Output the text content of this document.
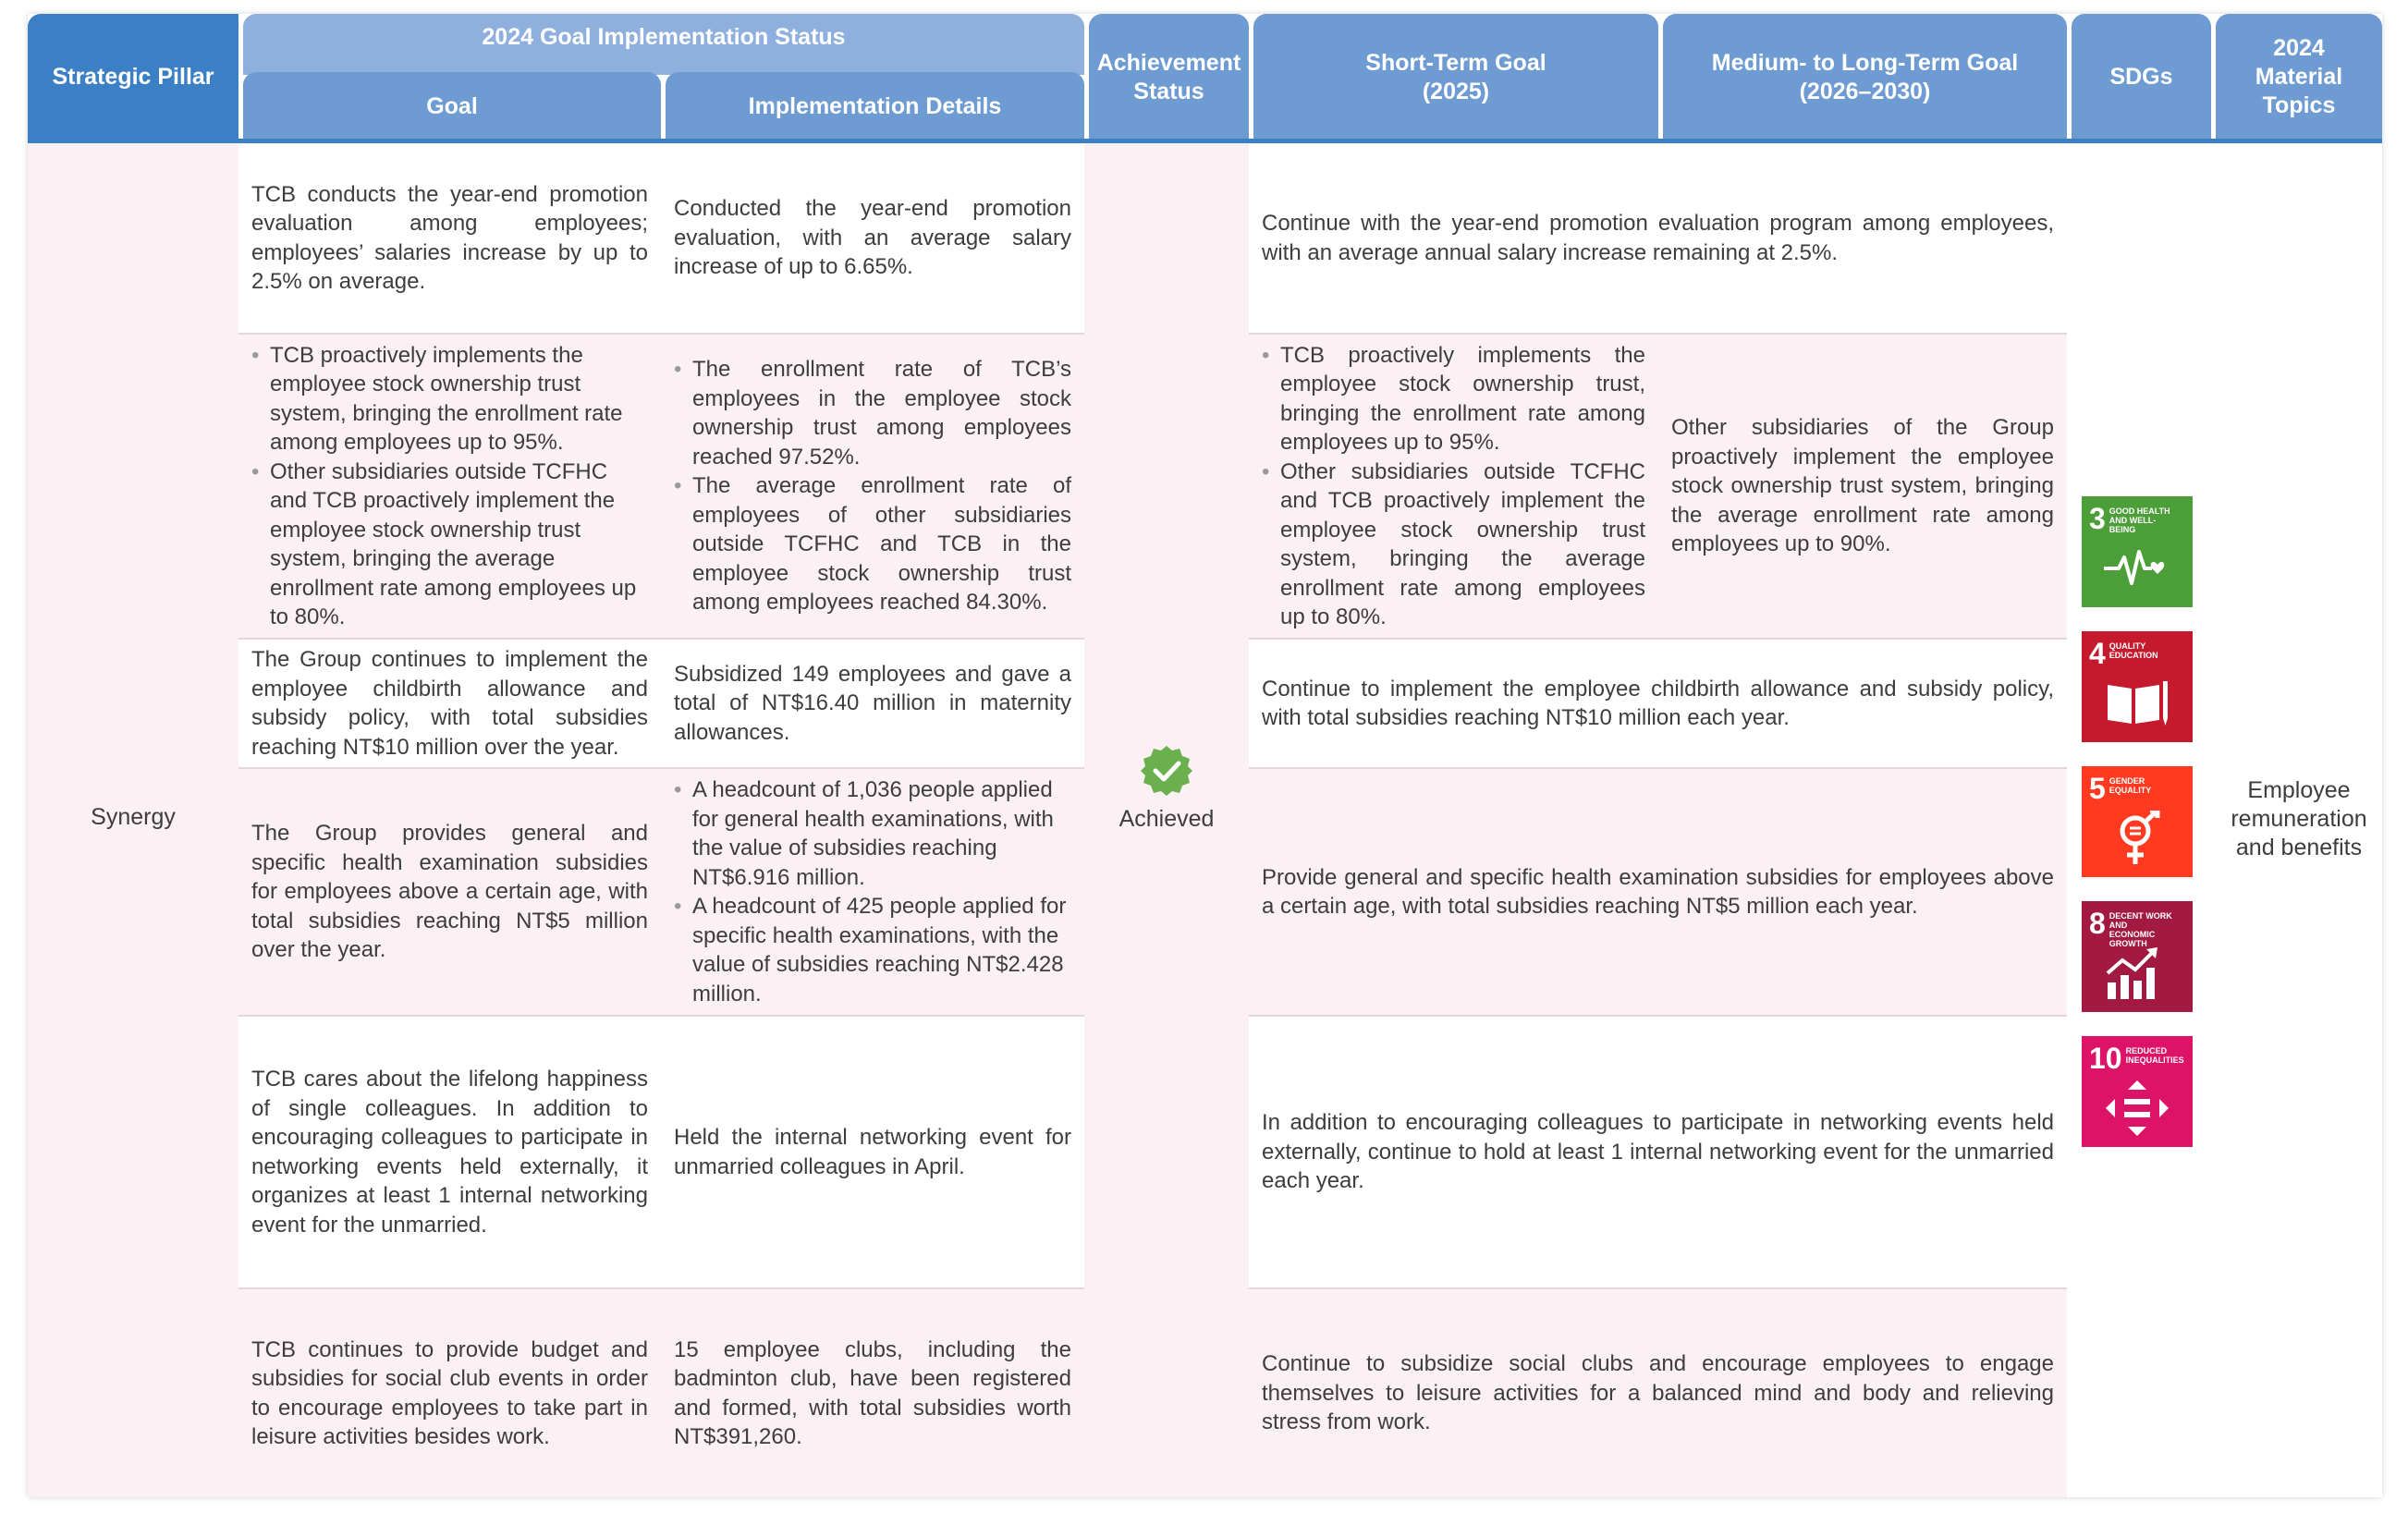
Strategic Pillar
2024 Goal Implementation Status
Goal	Implementation Details
Achievement Status
Short-Term Goal (2025)
Medium- to Long-Term Goal (2026–2030)
SDGs
2024 Material Topics
Synergy
TCB conducts the year-end promotion evaluation among employees; employees’ salaries increase by up to 2.5% on average.
Conducted the year-end promotion evaluation, with an average salary increase of up to 6.65%.
Continue with the year-end promotion evaluation program among employees, with an average annual salary increase remaining at 2.5%.
• TCB proactively implements the employee stock ownership trust system, bringing the enrollment rate among employees up to 95%.
• Other subsidiaries outside TCFHC and TCB proactively implement the employee stock ownership trust system, bringing the average enrollment rate among employees up to 80%.
• The enrollment rate of TCB’s employees in the employee stock ownership trust among employees reached 97.52%.
• The average enrollment rate of employees of other subsidiaries outside TCFHC and TCB in the employee stock ownership trust among employees reached 84.30%.
• TCB proactively implements the employee stock ownership trust, bringing the enrollment rate among employees up to 95%.
• Other subsidiaries outside TCFHC and TCB proactively implement the employee stock ownership trust system, bringing the average enrollment rate among employees up to 80%.
Other subsidiaries of the Group proactively implement the employee stock ownership trust system, bringing the average enrollment rate among employees up to 90%.
The Group continues to implement the employee childbirth allowance and subsidy policy, with total subsidies reaching NT$10 million over the year.
Subsidized 149 employees and gave a total of NT$16.40 million in maternity allowances.
Continue to implement the employee childbirth allowance and subsidy policy, with total subsidies reaching NT$10 million each year.
The Group provides general and specific health examination subsidies for employees above a certain age, with total subsidies reaching NT$5 million over the year.
• A headcount of 1,036 people applied for general health examinations, with the value of subsidies reaching NT$6.916 million.
• A headcount of 425 people applied for specific health examinations, with the value of subsidies reaching NT$2.428 million.
Provide general and specific health examination subsidies for employees above a certain age, with total subsidies reaching NT$5 million each year.
TCB cares about the lifelong happiness of single colleagues. In addition to encouraging colleagues to participate in networking events held externally, it organizes at least 1 internal networking event for the unmarried.
Held the internal networking event for unmarried colleagues in April.
In addition to encouraging colleagues to participate in networking events held externally, continue to hold at least 1 internal networking event for the unmarried each year.
TCB continues to provide budget and subsidies for social club events in order to encourage employees to take part in leisure activities besides work.
15 employee clubs, including the badminton club, have been registered and formed, with total subsidies worth NT$391,260.
Continue to subsidize social clubs and encourage employees to engage themselves to leisure activities for a balanced mind and body and relieving stress from work.
Achieved
3 GOOD HEALTH AND WELL-BEING
4 QUALITY EDUCATION
5 GENDER EQUALITY
8 DECENT WORK AND ECONOMIC GROWTH
10 REDUCED INEQUALITIES
Employee remuneration and benefits
